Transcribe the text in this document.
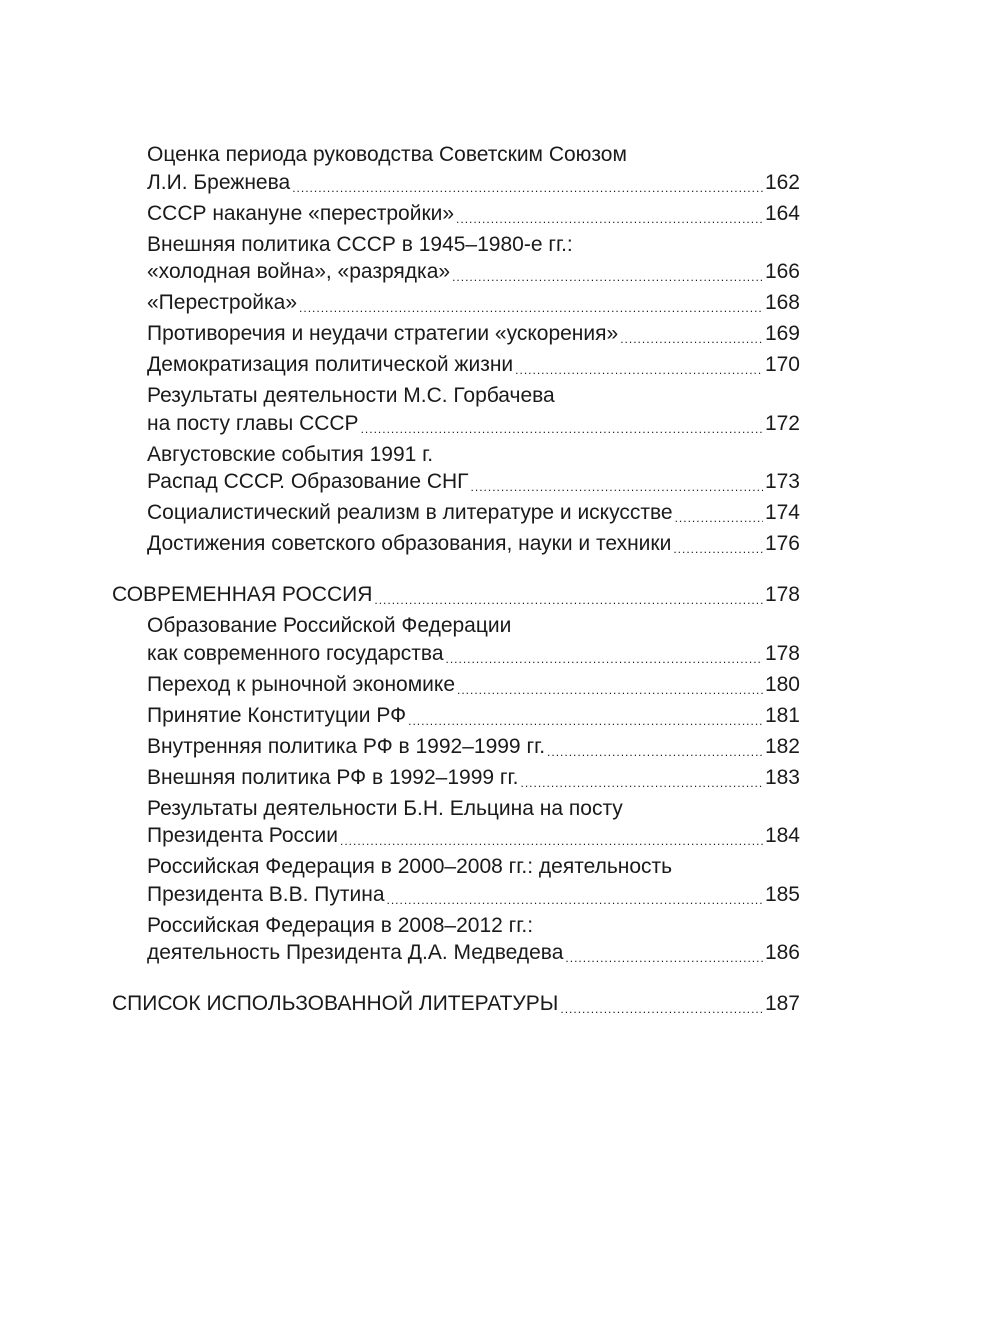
Оценка периода руководства Советским Союзом
Л.И. Брежнева .....	162
СССР накануне «перестройки» .....	164
Внешняя политика СССР в 1945–1980-е гг.:
«холодная война», «разрядка» .....	166
«Перестройка» .....	168
Противоречия и неудачи стратегии «ускорения» .....	169
Демократизация политической жизни .....	170
Результаты деятельности М.С. Горбачева
на посту главы СССР .....	172
Августовские события 1991 г.
Распад СССР. Образование СНГ .....	173
Социалистический реализм в литературе и искусстве .....	174
Достижения советского образования, науки и техники .....	176
СОВРЕМЕННАЯ РОССИЯ .....	178
Образование Российской Федерации
как современного государства .....	178
Переход к рыночной экономике .....	180
Принятие Конституции РФ .....	181
Внутренняя политика РФ в 1992–1999 гг. .....	182
Внешняя политика РФ в 1992–1999 гг. .....	183
Результаты деятельности Б.Н. Ельцина на посту
Президента России .....	184
Российская Федерация в 2000–2008 гг.: деятельность
Президента В.В. Путина .....	185
Российская Федерация в 2008–2012 гг.:
деятельность Президента Д.А. Медведева .....	186
СПИСОК ИСПОЛЬЗОВАННОЙ ЛИТЕРАТУРЫ .....	187
